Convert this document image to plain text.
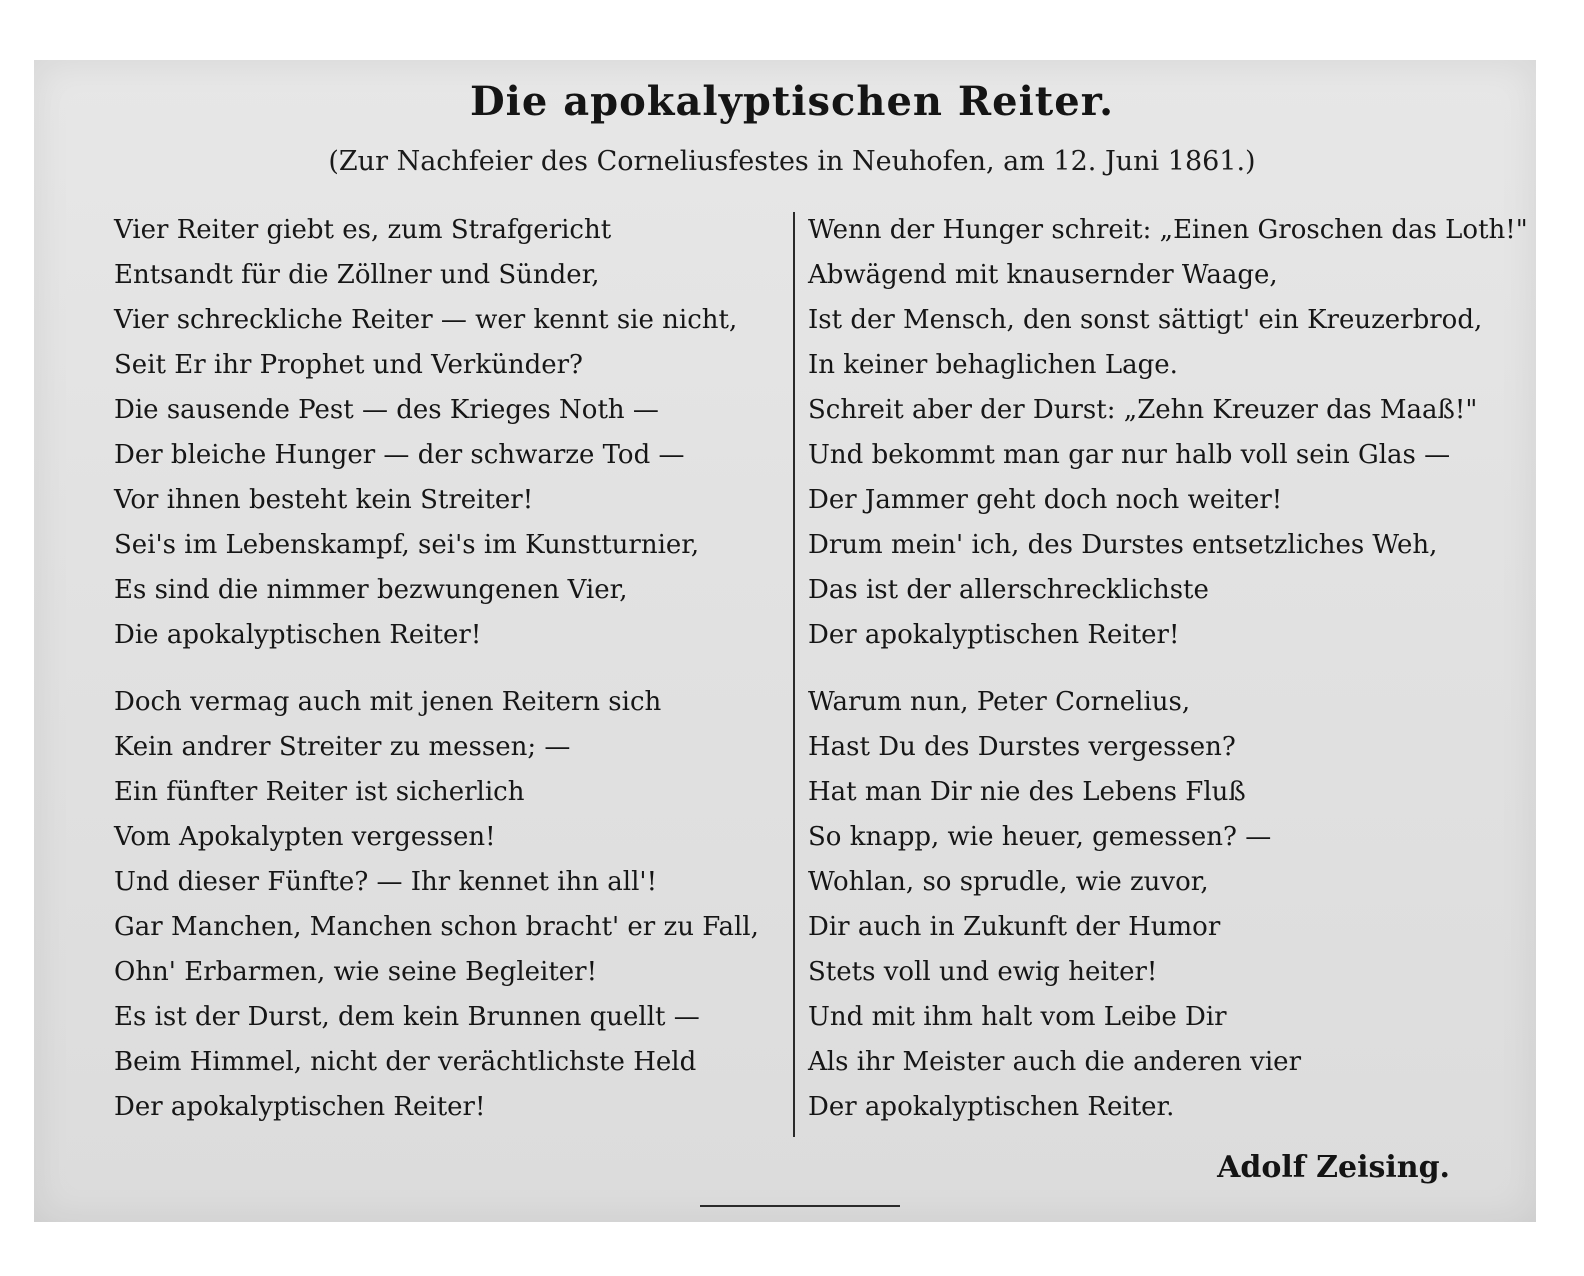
Die apokalyptischen Reiter.
(Zur Nachfeier des Corneliusfestes in Neuhofen, am 12. Juni 1861.)
Vier Reiter giebt es, zum Strafgericht
Entsandt für die Zöllner und Sünder,
Vier schreckliche Reiter — wer kennt sie nicht,
Seit Er ihr Prophet und Verkünder?
Die sausende Pest — des Krieges Noth —
Der bleiche Hunger — der schwarze Tod —
Vor ihnen besteht kein Streiter!
Sei's im Lebenskampf, sei's im Kunstturnier,
Es sind die nimmer bezwungenen Vier,
Die apokalyptischen Reiter!
Doch vermag auch mit jenen Reitern sich
Kein andrer Streiter zu messen; —
Ein fünfter Reiter ist sicherlich
Vom Apokalypten vergessen!
Und dieser Fünfte? — Ihr kennet ihn all'!
Gar Manchen, Manchen schon bracht' er zu Fall,
Ohn' Erbarmen, wie seine Begleiter!
Es ist der Durst, dem kein Brunnen quellt —
Beim Himmel, nicht der verächtlichste Held
Der apokalyptischen Reiter!
Wenn der Hunger schreit: „Einen Groschen das Loth!"
Abwägend mit knausernder Waage,
Ist der Mensch, den sonst sättigt' ein Kreuzerbrod,
In keiner behaglichen Lage.
Schreit aber der Durst: „Zehn Kreuzer das Maaß!"
Und bekommt man gar nur halb voll sein Glas —
Der Jammer geht doch noch weiter!
Drum mein' ich, des Durstes entsetzliches Weh,
Das ist der allerschrecklichste
Der apokalyptischen Reiter!
Warum nun, Peter Cornelius,
Hast Du des Durstes vergessen?
Hat man Dir nie des Lebens Fluß
So knapp, wie heuer, gemessen? —
Wohlan, so sprudle, wie zuvor,
Dir auch in Zukunft der Humor
Stets voll und ewig heiter!
Und mit ihm halt vom Leibe Dir
Als ihr Meister auch die anderen vier
Der apokalyptischen Reiter.
Adolf Zeising.
